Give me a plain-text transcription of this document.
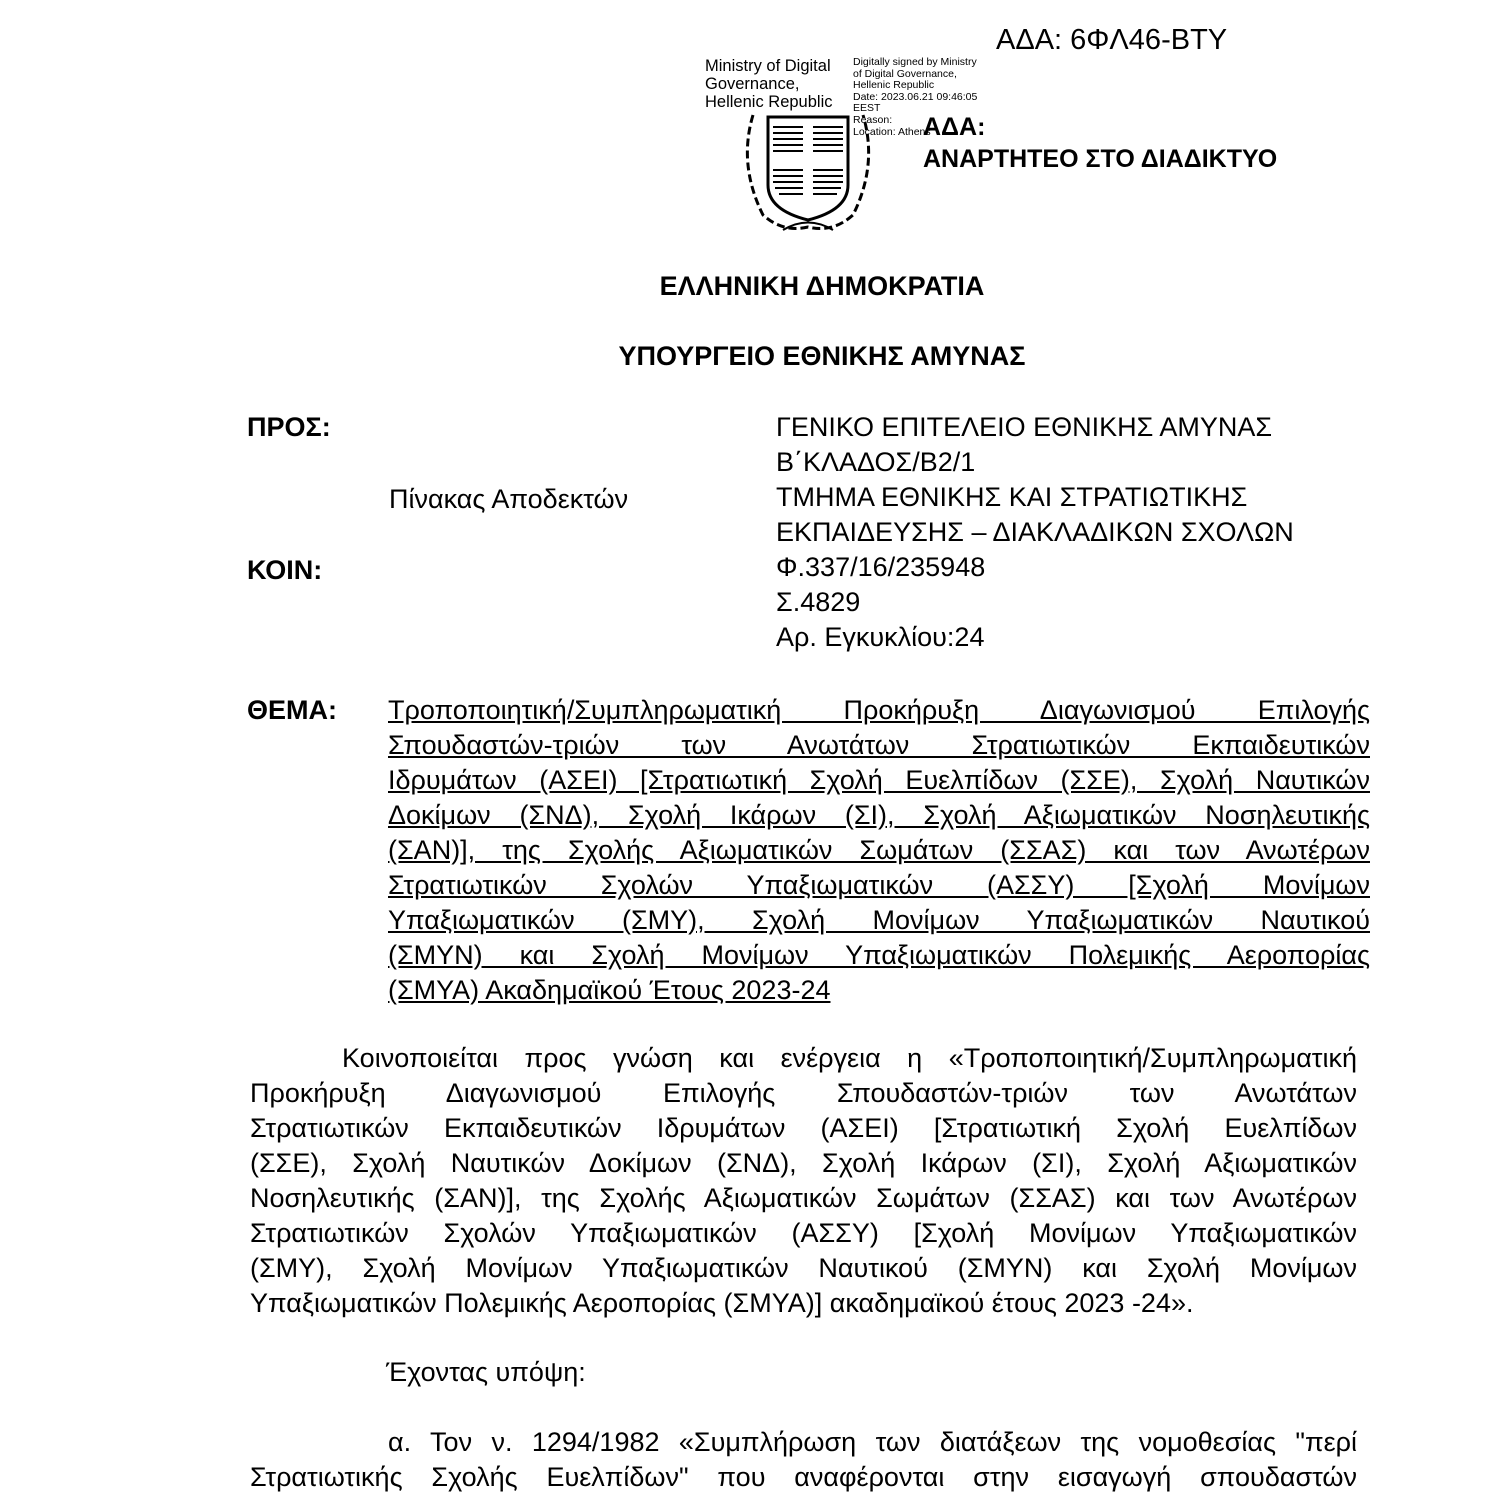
ΑΔΑ: 6ΦΛ46-ΒΤΥ
Ministry of Digital
Governance,
Hellenic Republic
Digitally signed by Ministry
of Digital Governance,
Hellenic Republic
Date: 2023.06.21 09:46:05
EEST
Reason:
Location: Athens
ΑΔΑ:
ΑΝΑΡΤΗΤΕΟ ΣΤΟ ΔΙΑΔΙΚΤΥΟ
ΕΛΛΗΝΙΚΗ ΔΗΜΟΚΡΑΤΙΑ
ΥΠΟΥΡΓΕΙΟ ΕΘΝΙΚΗΣ ΑΜΥΝΑΣ
ΠΡΟΣ:
Πίνακας Αποδεκτών
ΚΟΙΝ:
ΓΕΝΙΚΟ ΕΠΙΤΕΛΕΙΟ ΕΘΝΙΚΗΣ ΑΜΥΝΑΣ
Β΄ΚΛΑΔΟΣ/Β2/1
ΤΜΗΜΑ ΕΘΝΙΚΗΣ ΚΑΙ ΣΤΡΑΤΙΩΤΙΚΗΣ
ΕΚΠΑΙΔΕΥΣΗΣ – ΔΙΑΚΛΑΔΙΚΩΝ ΣΧΟΛΩΝ
Φ.337/16/235948
Σ.4829
Αρ. Εγκυκλίου:24
ΘΕΜΑ: Τροποποιητική/Συμπληρωματική Προκήρυξη Διαγωνισμού Επιλογής
Σπουδαστών-τριών των Ανωτάτων Στρατιωτικών Εκπαιδευτικών
Ιδρυμάτων (ΑΣΕΙ) [Στρατιωτική Σχολή Ευελπίδων (ΣΣΕ), Σχολή Ναυτικών
Δοκίμων (ΣΝΔ), Σχολή Ικάρων (ΣΙ), Σχολή Αξιωματικών Νοσηλευτικής
(ΣΑΝ)], της Σχολής Αξιωματικών Σωμάτων (ΣΣΑΣ) και των Ανωτέρων
Στρατιωτικών Σχολών Υπαξιωματικών (ΑΣΣΥ) [Σχολή Μονίμων
Υπαξιωματικών (ΣΜΥ), Σχολή Μονίμων Υπαξιωματικών Ναυτικού
(ΣΜΥΝ) και Σχολή Μονίμων Υπαξιωματικών Πολεμικής Αεροπορίας
(ΣΜΥΑ) Ακαδημαϊκού Έτους 2023-24
Κοινοποιείται προς γνώση και ενέργεια η «Τροποποιητική/Συμπληρωματική
Προκήρυξη Διαγωνισμού Επιλογής Σπουδαστών-τριών των Ανωτάτων
Στρατιωτικών Εκπαιδευτικών Ιδρυμάτων (ΑΣΕΙ) [Στρατιωτική Σχολή Ευελπίδων
(ΣΣΕ), Σχολή Ναυτικών Δοκίμων (ΣΝΔ), Σχολή Ικάρων (ΣΙ), Σχολή Αξιωματικών
Νοσηλευτικής (ΣΑΝ)], της Σχολής Αξιωματικών Σωμάτων (ΣΣΑΣ) και των Ανωτέρων
Στρατιωτικών Σχολών Υπαξιωματικών (ΑΣΣΥ) [Σχολή Μονίμων Υπαξιωματικών
(ΣΜΥ), Σχολή Μονίμων Υπαξιωματικών Ναυτικού (ΣΜΥΝ) και Σχολή Μονίμων
Υπαξιωματικών Πολεμικής Αεροπορίας (ΣΜΥΑ)] ακαδημαϊκού έτους 2023 -24».
Έχοντας υπόψη:
α. Τον ν. 1294/1982 «Συμπλήρωση των διατάξεων της νομοθεσίας "περί
Στρατιωτικής Σχολής Ευελπίδων" που αναφέρονται στην εισαγωγή σπουδαστών
